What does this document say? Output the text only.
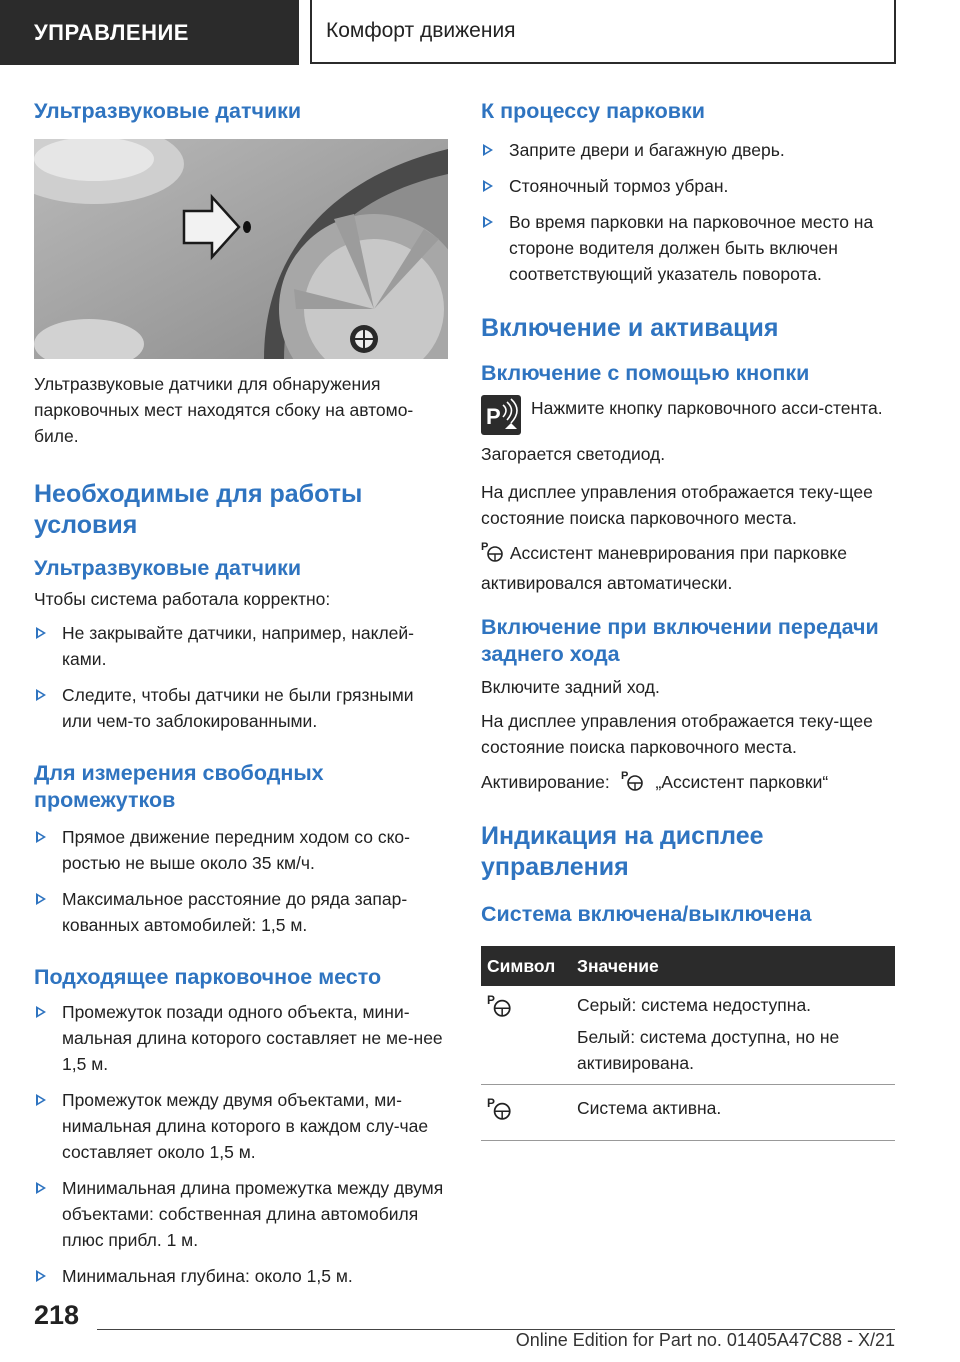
УПРАВЛЕНИЕ	Комфорт движения
Ультразвуковые датчики

Ультразвуковые датчики для обнаружения парковочных мест находятся сбоку на автомо-биле.

Необходимые для работы условия
Ультразвуковые датчики

Чтобы система работала корректно:

Не закрывайте датчики, например, наклей-ками.
Следите, чтобы датчики не были грязными или чем-то заблокированными.
Для измерения свободных промежутков
Прямое движение передним ходом со ско-ростью не выше около 35 км/ч.
Максимальное расстояние до ряда запар-кованных автомобилей: 1,5 м.
Подходящее парковочное место
Промежуток позади одного объекта, мини-мальная длина которого составляет не ме-нее 1,5 м.
Промежуток между двумя объектами, ми-нимальная длина которого в каждом слу-чае составляет около 1,5 м.
Минимальная длина промежутка между двумя объектами: собственная длина автомобиля плюс прибл. 1 м.
Минимальная глубина: около 1,5 м.
К процессу парковки
Заприте двери и багажную дверь.
Стояночный тормоз убран.
Во время парковки на парковочное место на стороне водителя должен быть включен соответствующий указатель поворота.
Включение и активация
Включение с помощью кнопки
P Нажмите кнопку парковочного асси-стента.

Загорается светодиод.

На дисплее управления отображается теку-щее состояние поиска парковочного места.

P Ассистент маневрирования при парковке активировался автоматически.

Включение при включении передачи заднего хода

Включите задний ход.

На дисплее управления отображается теку-щее состояние поиска парковочного места.

Активирование: P „Ассистент парковки“

Индикация на дисплее управления
Система включена/выключена
Символ	Значение

P	Серый: система недоступна.
Белый: система доступна, но не активирована.

P	Система активна.
218
Online Edition for Part no. 01405A47C88 - X/21
